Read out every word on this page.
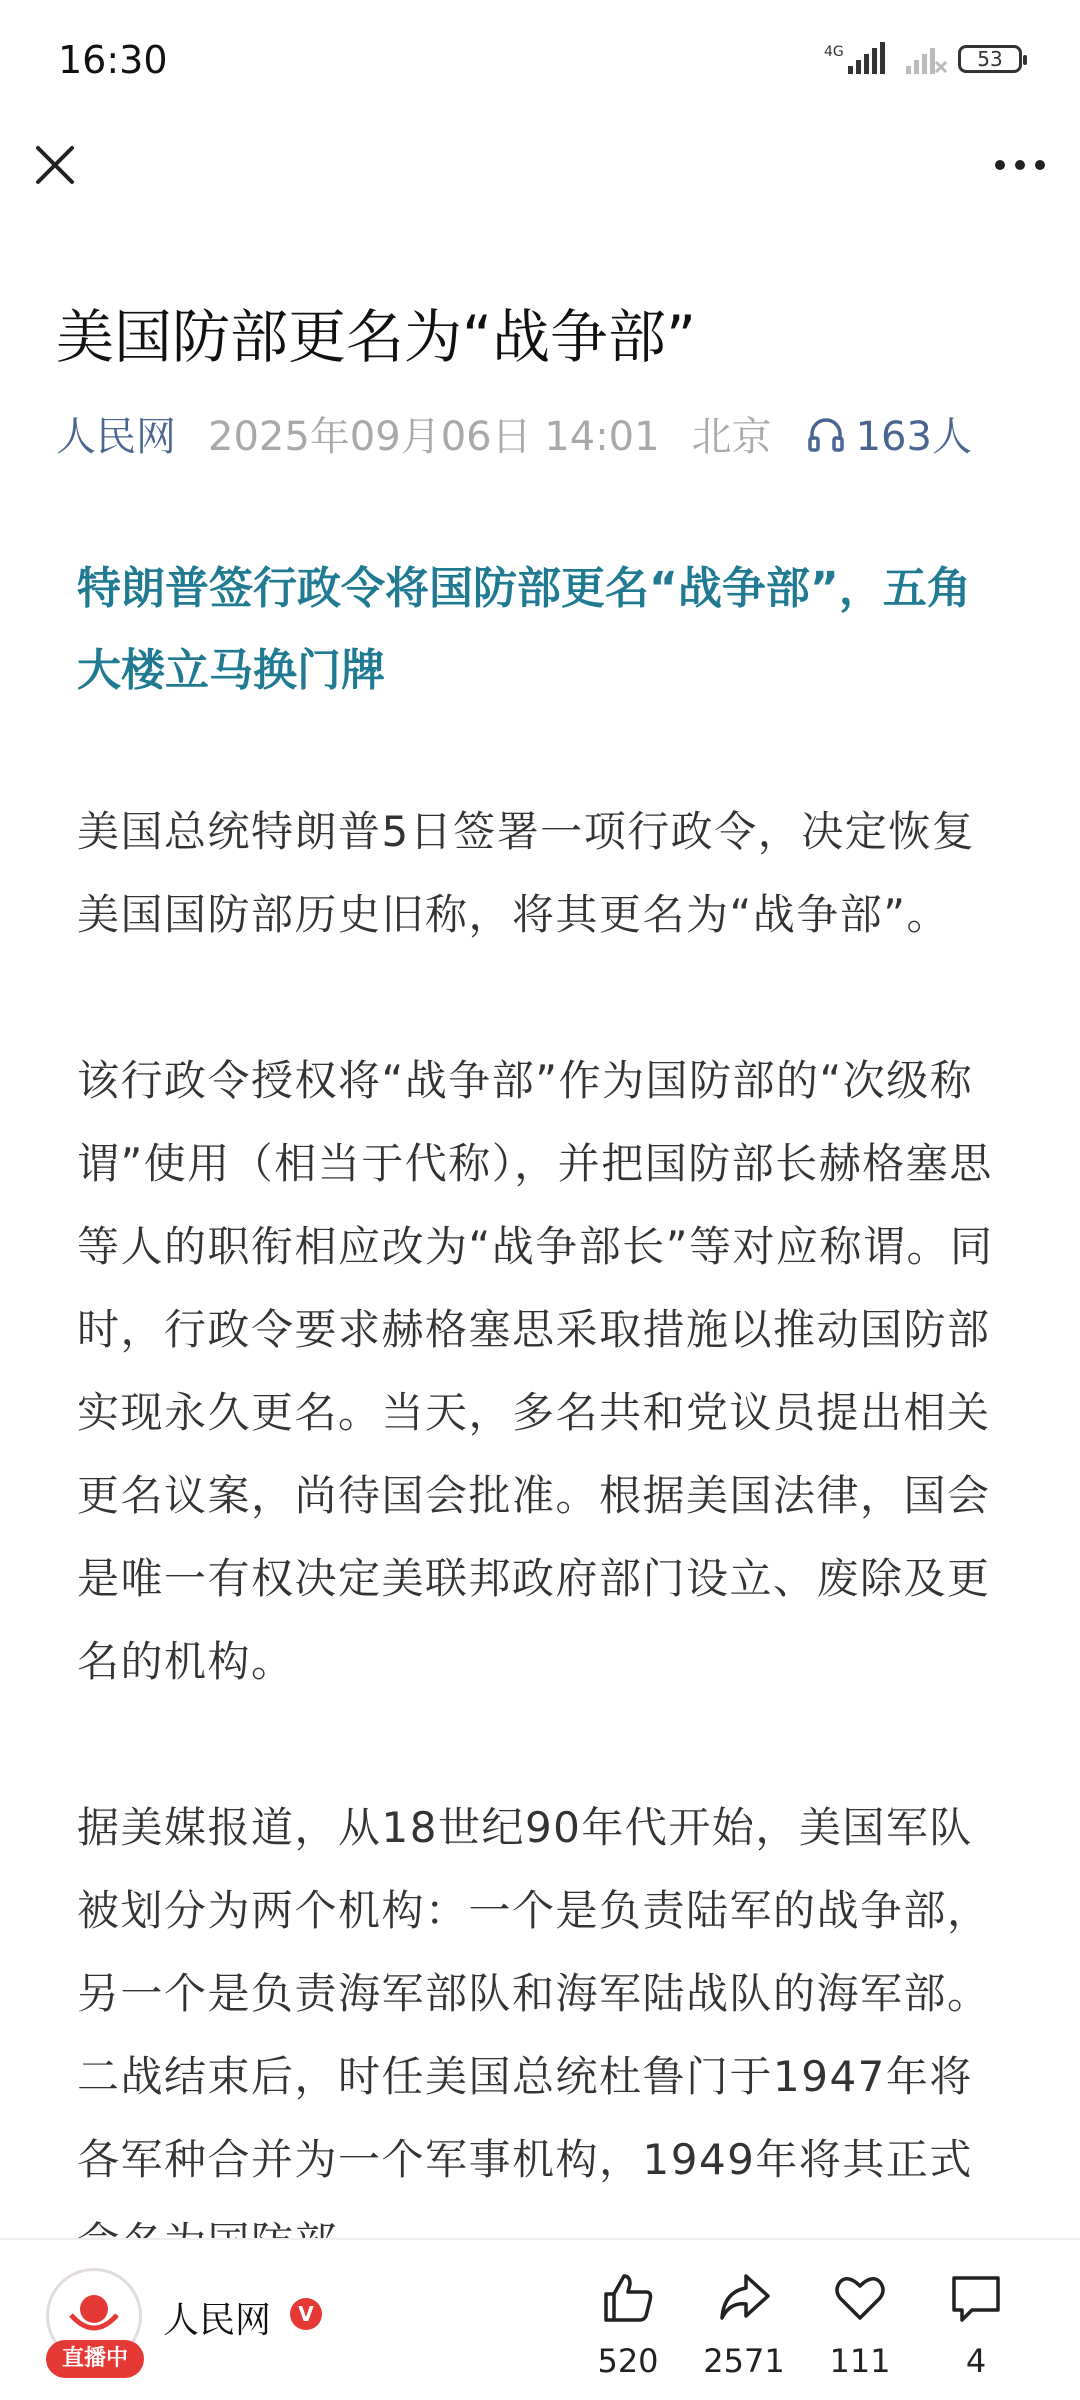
16:30	4G	53
美国防部更名为“战争部”
人民网 2025年09月06日 14:01 北京 163人
特朗普签行政令将国防部更名“战争部”，五角大楼立马换门牌

美国总统特朗普5日签署一项行政令，决定恢复美国国防部历史旧称，将其更名为“战争部”。

该行政令授权将“战争部”作为国防部的“次级称谓”使用（相当于代称），并把国防部长赫格塞思等人的职衔相应改为“战争部长”等对应称谓。同时，行政令要求赫格塞思采取措施以推动国防部实现永久更名。当天，多名共和党议员提出相关更名议案，尚待国会批准。根据美国法律，国会是唯一有权决定美联邦政府部门设立、废除及更名的机构。

据美媒报道，从18世纪90年代开始，美国军队被划分为两个机构：一个是负责陆军的战争部，另一个是负责海军部队和海军陆战队的海军部。二战结束后，时任美国总统杜鲁门于1947年将各军种合并为一个军事机构，1949年将其正式

直播中
人民网	V
520	2571	111	4
